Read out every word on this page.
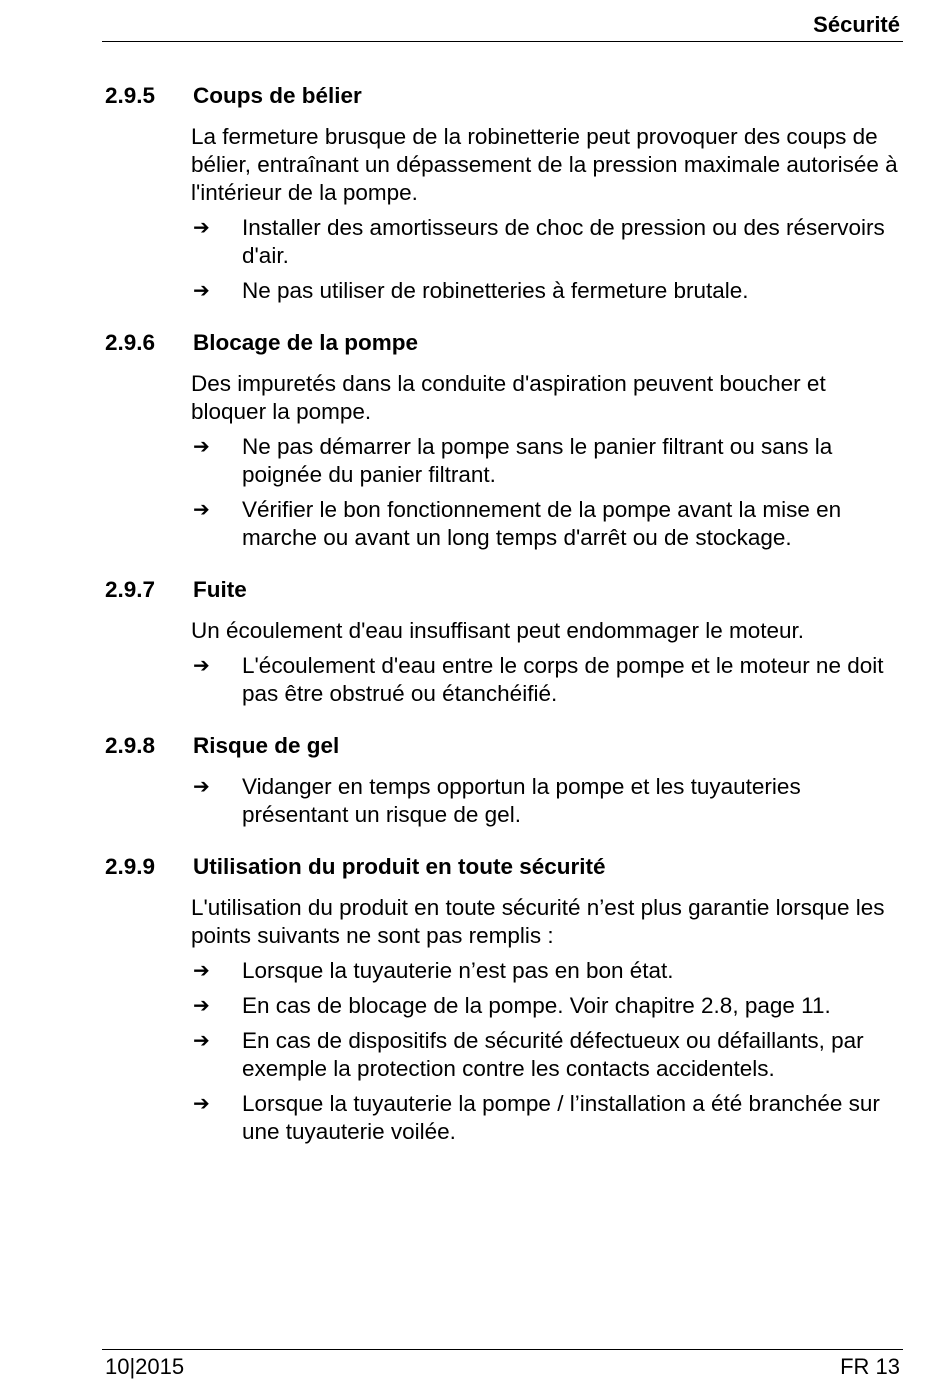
Sécurité
2.9.5	Coups de bélier

La fermeture brusque de la robinetterie peut provoquer des coups de bélier, entraînant un dépassement de la pression maximale autorisée à l'intérieur de la pompe.

➔	Installer des amortisseurs de choc de pression ou des réservoirs d'air.
➔	Ne pas utiliser de robinetteries à fermeture brutale.
2.9.6	Blocage de la pompe

Des impuretés dans la conduite d'aspiration peuvent boucher et bloquer la pompe.

➔	Ne pas démarrer la pompe sans le panier filtrant ou sans la poignée du panier filtrant.
➔	Vérifier le bon fonctionnement de la pompe avant la mise en marche ou avant un long temps d'arrêt ou de stockage.
2.9.7	Fuite

Un écoulement d'eau insuffisant peut endommager le moteur.

➔	L'écoulement d'eau entre le corps de pompe et le moteur ne doit pas être obstrué ou étanchéifié.
2.9.8	Risque de gel
➔	Vidanger en temps opportun la pompe et les tuyauteries présentant un risque de gel.
2.9.9	Utilisation du produit en toute sécurité

L'utilisation du produit en toute sécurité n’est plus garantie lorsque les points suivants ne sont pas remplis :

➔	Lorsque la tuyauterie n’est pas en bon état.
➔	En cas de blocage de la pompe. Voir chapitre 2.8, page 11.
➔	En cas de dispositifs de sécurité défectueux ou défaillants, par exemple la protection contre les contacts accidentels.
➔	Lorsque la tuyauterie la pompe / l’installation a été branchée sur une tuyauterie voilée.
10|2015	FR 13
